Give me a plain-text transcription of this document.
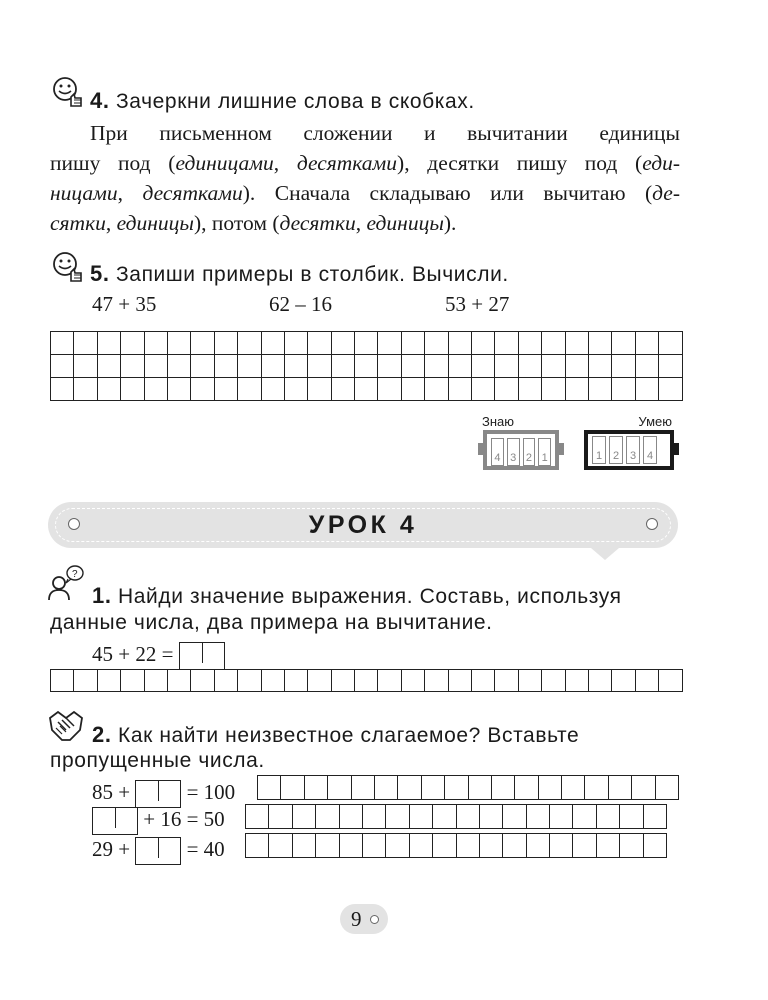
4. Зачеркни лишние слова в скобках.
При письменном сложении и вычитании единицы
пишу под (единицами, десятками), десятки пишу под (еди-
ницами, десятками). Сначала складываю или вычитаю (де-
сятки, единицы), потом (десятки, единицы).
5. Запиши примеры в столбик. Вычисли.
47 + 35	62 – 16	53 + 27
Знаю
4 3 2 1
Умею
1 2 3 4
УРОК 4
?
1. Найди значение выражения. Составь, используя
данные числа, два примера на вычитание.
45 + 22 =
2. Как найти неизвестное слагаемое? Вставьте
пропущенные числа.
85 +	= 100
+ 16 = 50
29 +	= 40
9
